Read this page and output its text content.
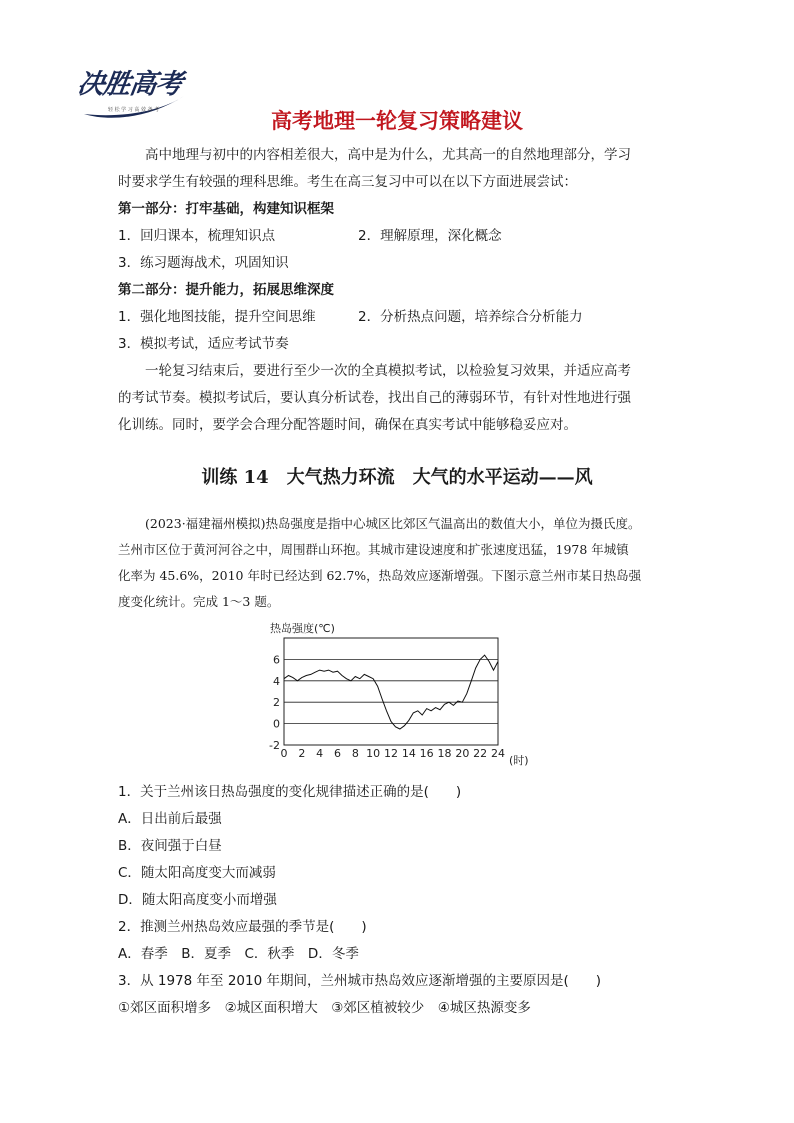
决胜高考
轻 松 学 习 高 效 备 考	高考地理一轮复习策略建议
高中地理与初中的内容相差很大，高中是为什么，尤其高一的自然地理部分，学习
时要求学生有较强的理科思维。考生在高三复习中可以在以下方面进展尝试：
第一部分：打牢基础，构建知识框架
1．回归课本，梳理知识点	2．理解原理，深化概念
3．练习题海战术，巩固知识
第二部分：提升能力，拓展思维深度
1．强化地图技能，提升空间思维	2．分析热点问题，培养综合分析能力
3．模拟考试，适应考试节奏
一轮复习结束后，要进行至少一次的全真模拟考试，以检验复习效果，并适应高考
的考试节奏。模拟考试后，要认真分析试卷，找出自己的薄弱环节，有针对性地进行强
化训练。同时，要学会合理分配答题时间，确保在真实考试中能够稳妥应对。
训练 14　大气热力环流　大气的水平运动——风
(2023·福建福州模拟)热岛强度是指中心城区比郊区气温高出的数值大小，单位为摄氏度。
兰州市区位于黄河河谷之中，周围群山环抱。其城市建设速度和扩张速度迅猛，1978 年城镇
化率为 45.6%，2010 年时已经达到 62.7%，热岛效应逐渐增强。下图示意兰州市某日热岛强
度变化统计。完成 1～3 题。
热岛强度(℃)
-2
0
2
4
6
0 2 4 6 8 10 12 14 16 18 20 22 24
(时)
1．关于兰州该日热岛强度的变化规律描述正确的是(　　)
A．日出前后最强
B．夜间强于白昼
C．随太阳高度变大而减弱
D．随太阳高度变小而增强
2．推测兰州热岛效应最强的季节是(　　)
A．春季　B．夏季　C．秋季　D．冬季
3．从 1978 年至 2010 年期间，兰州城市热岛效应逐渐增强的主要原因是(　　)
①郊区面积增多　②城区面积增大　③郊区植被较少　④城区热源变多
